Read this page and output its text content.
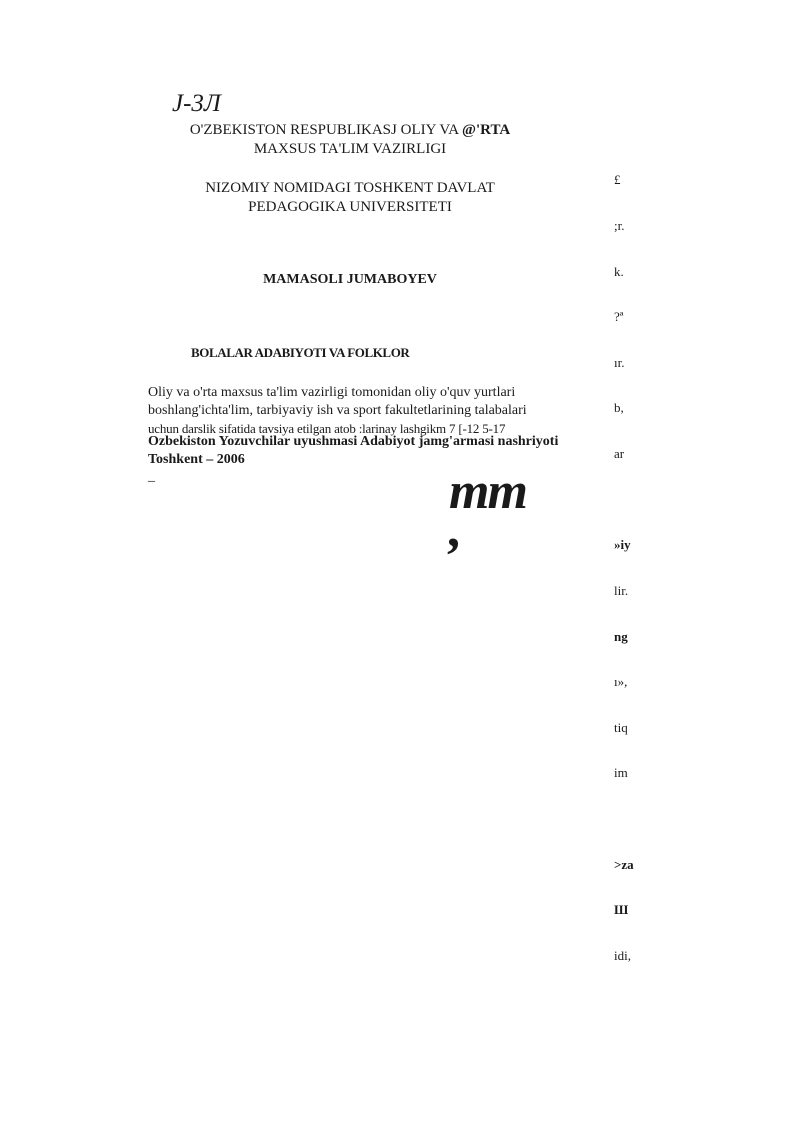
J-3Л
O'ZBEKISTON RESPUBLIKASJ OLIY VA @'RTA
MAXSUS TA'LIM VAZIRLIGI
NIZOMIY NOMIDAGI TOSHKENT DAVLAT
PEDAGOGIKA UNIVERSITETI
MAMASOLI JUMABOYEV
BOLALAR ADABIYOTI VA FOLKLOR
Oliy va o'rta maxsus ta'lim vazirligi tomonidan oliy o'quv yurtlari
boshlang'ichta'lim, tarbiyaviy ish va sport fakultetlarining talabalari
uchun darslik sifatida tavsiya etilgan atob :larinay lashgikm 7 [-12 5-17
Ozbekiston Yozuvchilar uyushmasi Adabiyot jamg'armasi nashriyoti
Toshkent – 2006
_	mm
,

£

;r.

k.

?ª

ır.

b,

ar

»iy

lir.

ng

ı»,

tiq

im

>za

Ш

idi,
